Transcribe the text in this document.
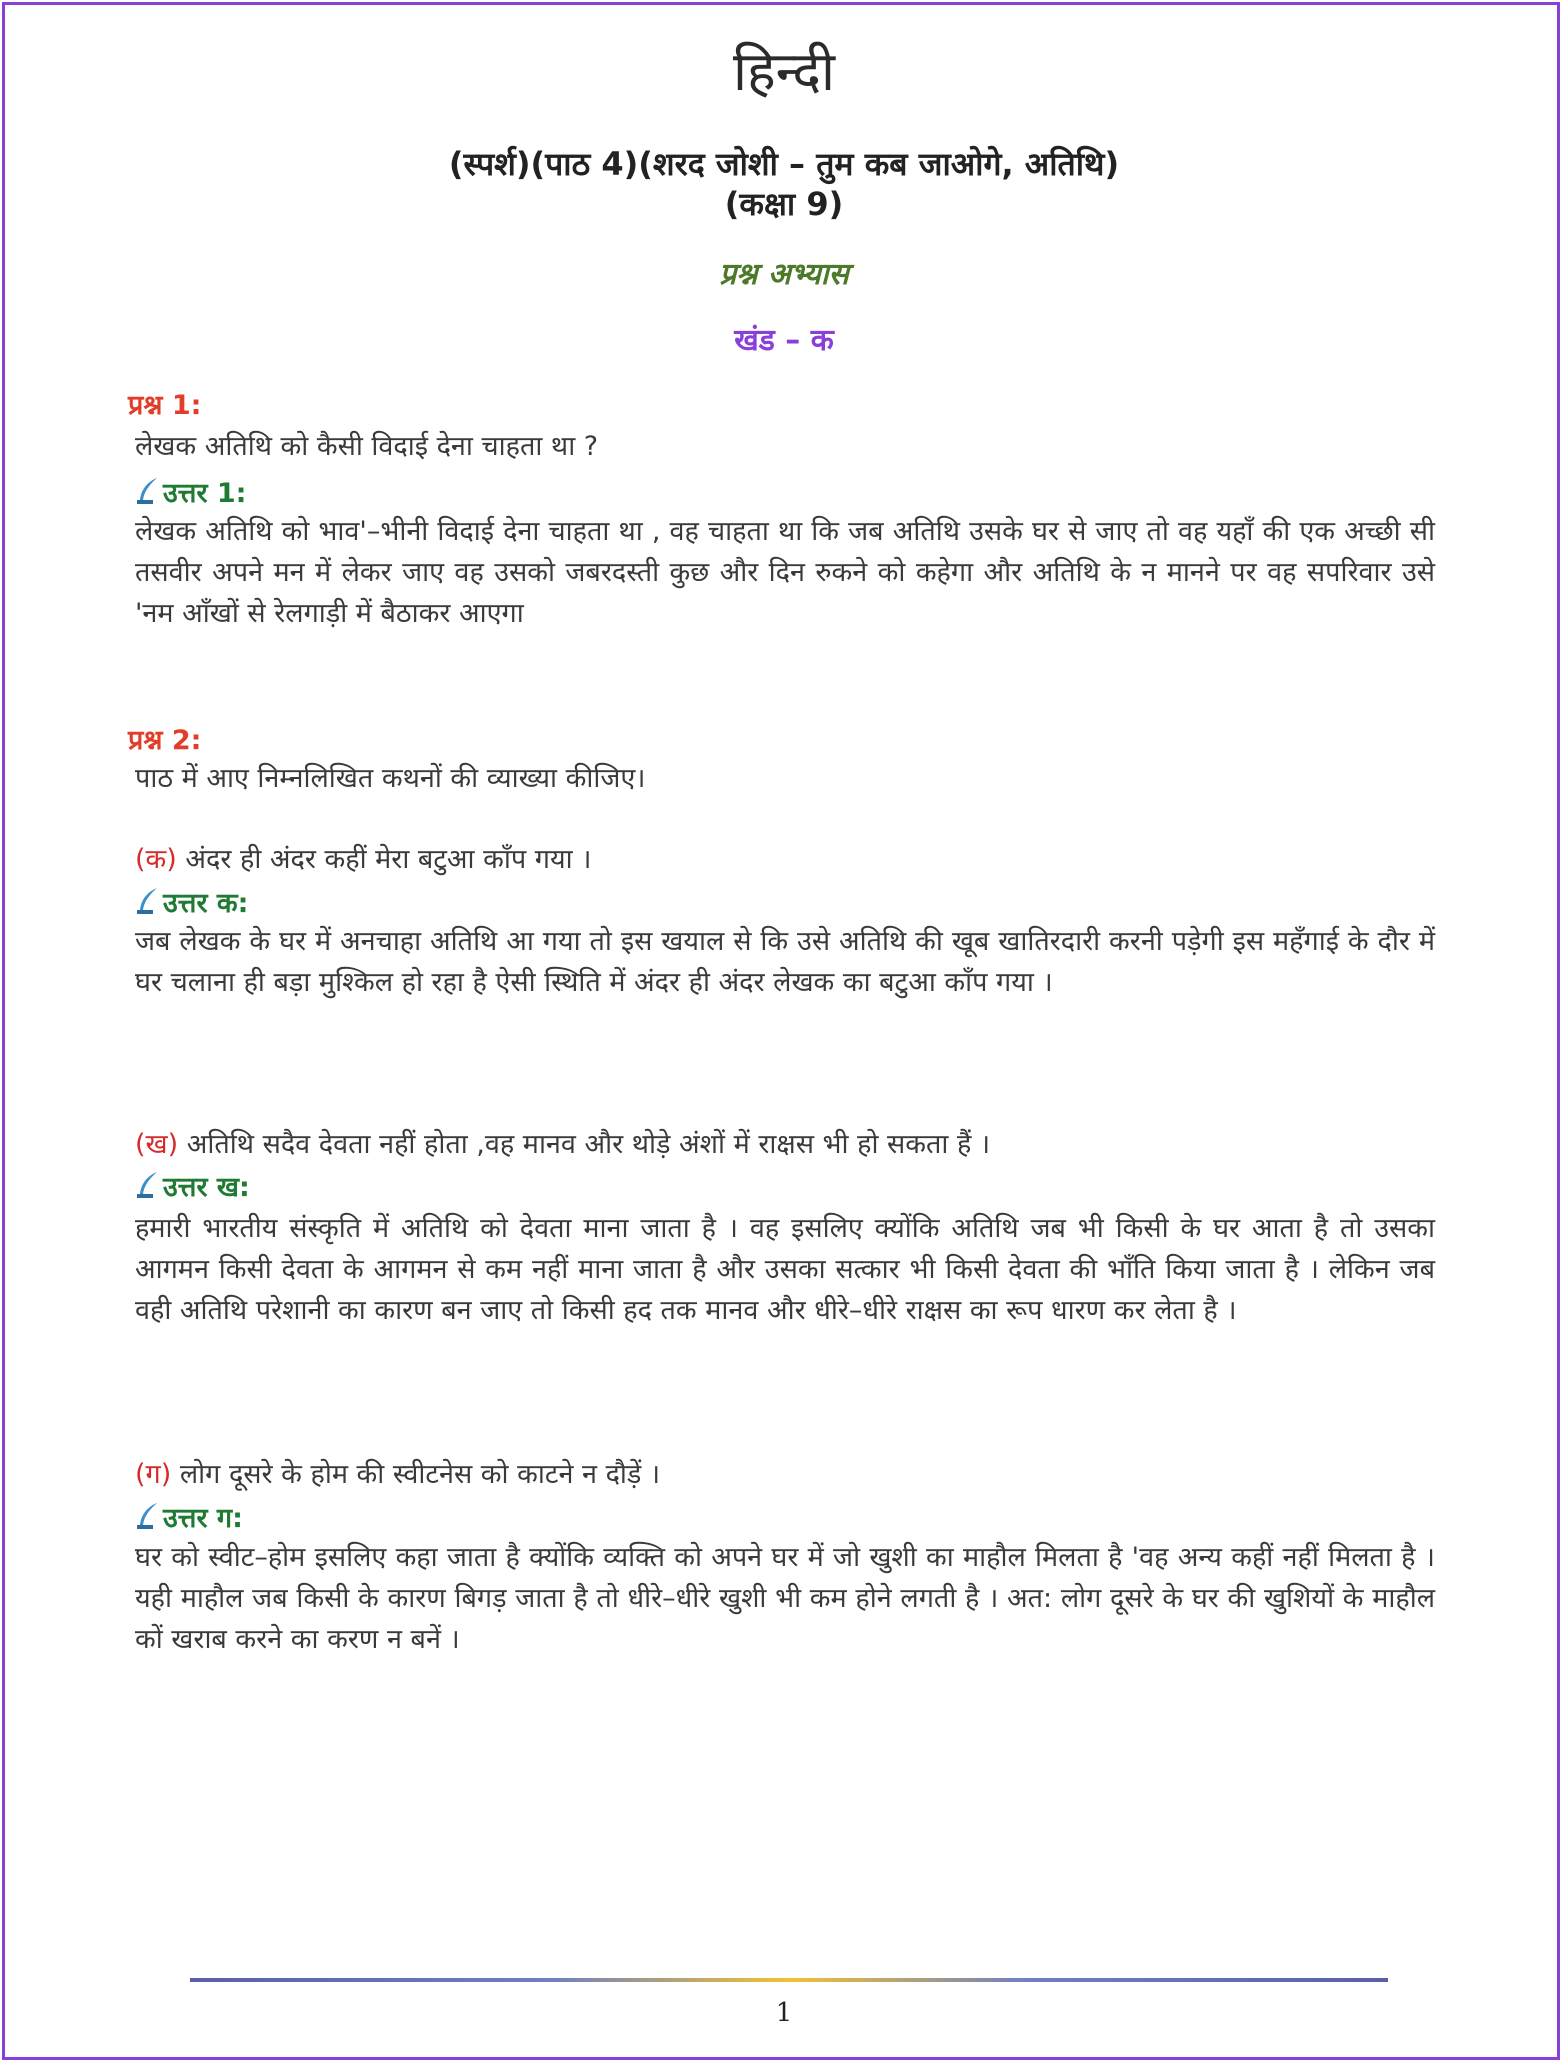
हिन्दी
(स्पर्श)(पाठ 4)(शरद जोशी – तुम कब जाओगे, अतिथि)
(कक्षा 9)
प्रश्न अभ्यास
खंड – क
प्रश्न 1:
लेखक अतिथि को कैसी विदाई देना चाहता था ?
उत्तर 1:
लेखक अतिथि को भाव'–भीनी विदाई देना चाहता था , वह चाहता था कि जब अतिथि उसके घर से जाए तो वह यहाँ की एक अच्छी सी तसवीर अपने मन में लेकर जाए वह उसको जबरदस्ती कुछ और दिन रुकने को कहेगा और अतिथि के न मानने पर वह सपरिवार उसे 'नम आँखों से रेलगाड़ी में बैठाकर आएगा
प्रश्न 2:
पाठ में आए निम्नलिखित कथनों की व्याख्या कीजिए।
(क) अंदर ही अंदर कहीं मेरा बटुआ काँप गया ।
उत्तर क:
जब लेखक के घर में अनचाहा अतिथि आ गया तो इस खयाल से कि उसे अतिथि की खूब खातिरदारी करनी पड़ेगी इस महँगाई के दौर में घर चलाना ही बड़ा मुश्किल हो रहा है ऐसी स्थिति में अंदर ही अंदर लेखक का बटुआ काँप गया ।
(ख) अतिथि सदैव देवता नहीं होता ,वह मानव और थोड़े अंशों में राक्षस भी हो सकता हैं ।
उत्तर ख:
हमारी भारतीय संस्कृति में अतिथि को देवता माना जाता है । वह इसलिए क्योंकि अतिथि जब भी किसी के घर आता है तो उसका आगमन किसी देवता के आगमन से कम नहीं माना जाता है और उसका सत्कार भी किसी देवता की भाँति किया जाता है । लेकिन जब वही अतिथि परेशानी का कारण बन जाए तो किसी हद तक मानव और धीरे–धीरे राक्षस का रूप धारण कर लेता है ।
(ग) लोग दूसरे के होम की स्वीटनेस को काटने न दौड़ें ।
उत्तर ग:
घर को स्वीट–होम इसलिए कहा जाता है क्योंकि व्यक्ति को अपने घर में जो खुशी का माहौल मिलता है 'वह अन्य कहीं नहीं मिलता है । यही माहौल जब किसी के कारण बिगड़ जाता है तो धीरे–धीरे खुशी भी कम होने लगती है । अत: लोग दूसरे के घर की खुशियों के माहौल कों खराब करने का करण न बनें ।
1
